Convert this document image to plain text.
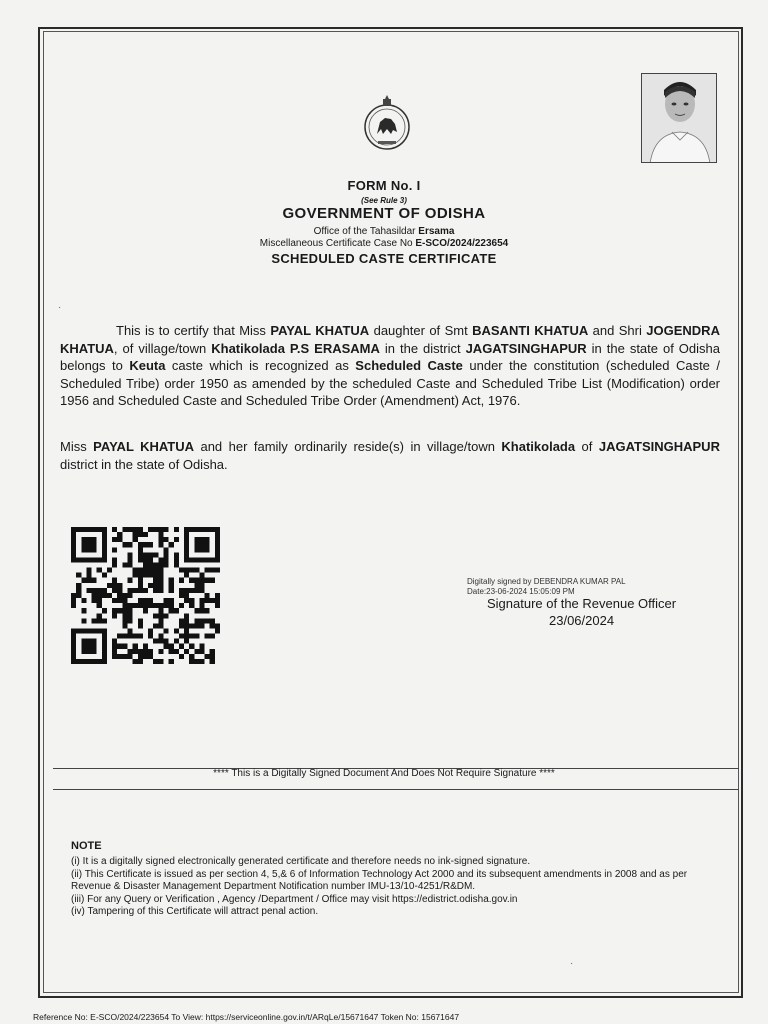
FORM No. I
(See Rule 3)
GOVERNMENT OF ODISHA
Office of the Tahasildar Ersama
Miscellaneous Certificate Case No E-SCO/2024/223654
SCHEDULED CASTE CERTIFICATE
This is to certify that Miss PAYAL KHATUA daughter of Smt BASANTI KHATUA and Shri JOGENDRA KHATUA, of village/town Khatikolada P.S ERASAMA in the district JAGATSINGHAPUR in the state of Odisha belongs to Keuta caste which is recognized as Scheduled Caste under the constitution (scheduled Caste / Scheduled Tribe) order 1950 as amended by the scheduled Caste and Scheduled Tribe List (Modification) order 1956 and Scheduled Caste and Scheduled Tribe Order (Amendment) Act, 1976.
Miss PAYAL KHATUA and her family ordinarily reside(s) in village/town Khatikolada of JAGATSINGHAPUR district in the state of Odisha.
Digitally signed by DEBENDRA KUMAR PAL
Date:23-06-2024 15:05:09 PM
Signature of the Revenue Officer
23/06/2024
**** This is a Digitally Signed Document And Does Not Require Signature ****
NOTE
(i) It is a digitally signed electronically generated certificate and therefore needs no ink-signed signature.
(ii) This Certificate is issued as per section 4, 5,& 6 of Information Technology Act 2000 and its subsequent amendments in 2008 and as per Revenue & Disaster Management Department Notification number IMU-13/10-4251/R&DM.
(iii) For any Query or Verification , Agency /Department / Office may visit https://edistrict.odisha.gov.in
(iv) Tampering of this Certificate will attract penal action.
·
·
Reference No: E-SCO/2024/223654 To View: https://serviceonline.gov.in/t/ARqLe/15671647 Token No: 15671647
